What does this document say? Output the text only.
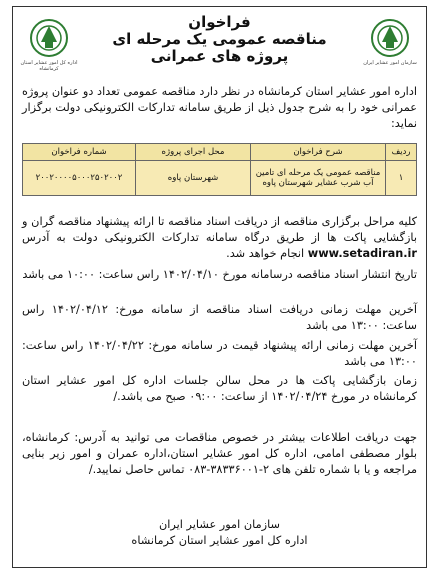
اداره کل امور عشایر استان کرمانشاه
سازمان امور عشایر ایران
فراخوان
مناقصه عمومی یک مرحله ای
پروژه های عمرانی
اداره امور عشایر استان کرمانشاه در نظر دارد مناقصه عمومی تعداد دو عنوان پروژه عمرانی خود را به شرح جدول ذیل از طریق سامانه تدارکات الکترونیکی دولت برگزار نماید:
ردیف	شرح فراخوان	محل اجرای پروژه	شماره فراخوان
۱	مناقصه عمومی یک مرحله ای تامین آب شرب عشایر شهرستان پاوه	شهرستان پاوه	۲۰۰۲۰۰۰۰۵۰۰۰۲۵۰۲۰۰۲
کلیه مراحل برگزاری مناقصه از دریافت اسناد مناقصه تا ارائه پیشنهاد مناقصه گران و بازگشایی پاکت ها از طریق درگاه سامانه تدارکات الکترونیکی دولت به آدرس www.setadiran.ir انجام خواهد شد.
تاریخ انتشار اسناد مناقصه درسامانه مورخ ۱۴۰۲/۰۴/۱۰ راس ساعت: ۱۰:۰۰ می باشد
آخرین مهلت زمانی دریافت اسناد مناقصه از سامانه مورخ: ۱۴۰۲/۰۴/۱۲ راس ساعت: ۱۳:۰۰ می باشد
آخرین مهلت زمانی ارائه پیشنهاد قیمت در سامانه مورخ: ۱۴۰۲/۰۴/۲۲ راس ساعت: ۱۳:۰۰ می باشد
زمان بازگشایی پاکت ها در محل سالن جلسات اداره کل امور عشایر استان کرمانشاه در مورخ ۱۴۰۲/۰۴/۲۴ از ساعت: ۰۹:۰۰ صبح می باشد./
جهت دریافت اطلاعات بیشتر در خصوص مناقصات می توانید به آدرس: کرمانشاه، بلوار مصطفی امامی، اداره کل امور عشایر استان،اداره عمران و امور زیر بنایی مراجعه و یا با شماره تلفن های ۲-۳۸۳۳۶۰۰۱-۰۸۳ تماس حاصل نمایید./
سازمان امور عشایر ایران
اداره کل امور عشایر استان کرمانشاه
